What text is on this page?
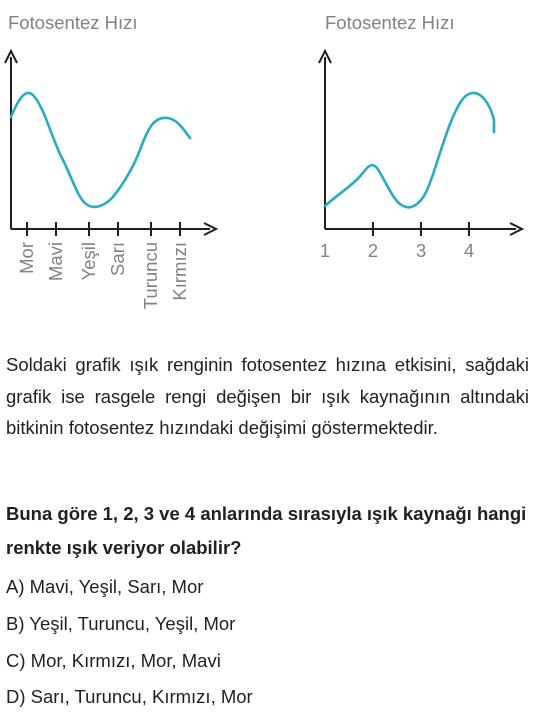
Fotosentez Hızı
Mor Mavi Yeşil Sarı Turuncu Kırmızı
Fotosentez Hızı
1 2 3 4

Soldaki grafik ışık renginin fotosentez hızına etkisini, sağdaki grafik ise rasgele rengi değişen bir ışık kaynağının altındaki bitkinin fotosentez hızındaki değişimi göstermektedir.

Buna göre 1, 2, 3 ve 4 anlarında sırasıyla ışık kaynağı hangi renkte ışık veriyor olabilir?

A) Mavi, Yeşil, Sarı, Mor
B) Yeşil, Turuncu, Yeşil, Mor
C) Mor, Kırmızı, Mor, Mavi
D) Sarı, Turuncu, Kırmızı, Mor
